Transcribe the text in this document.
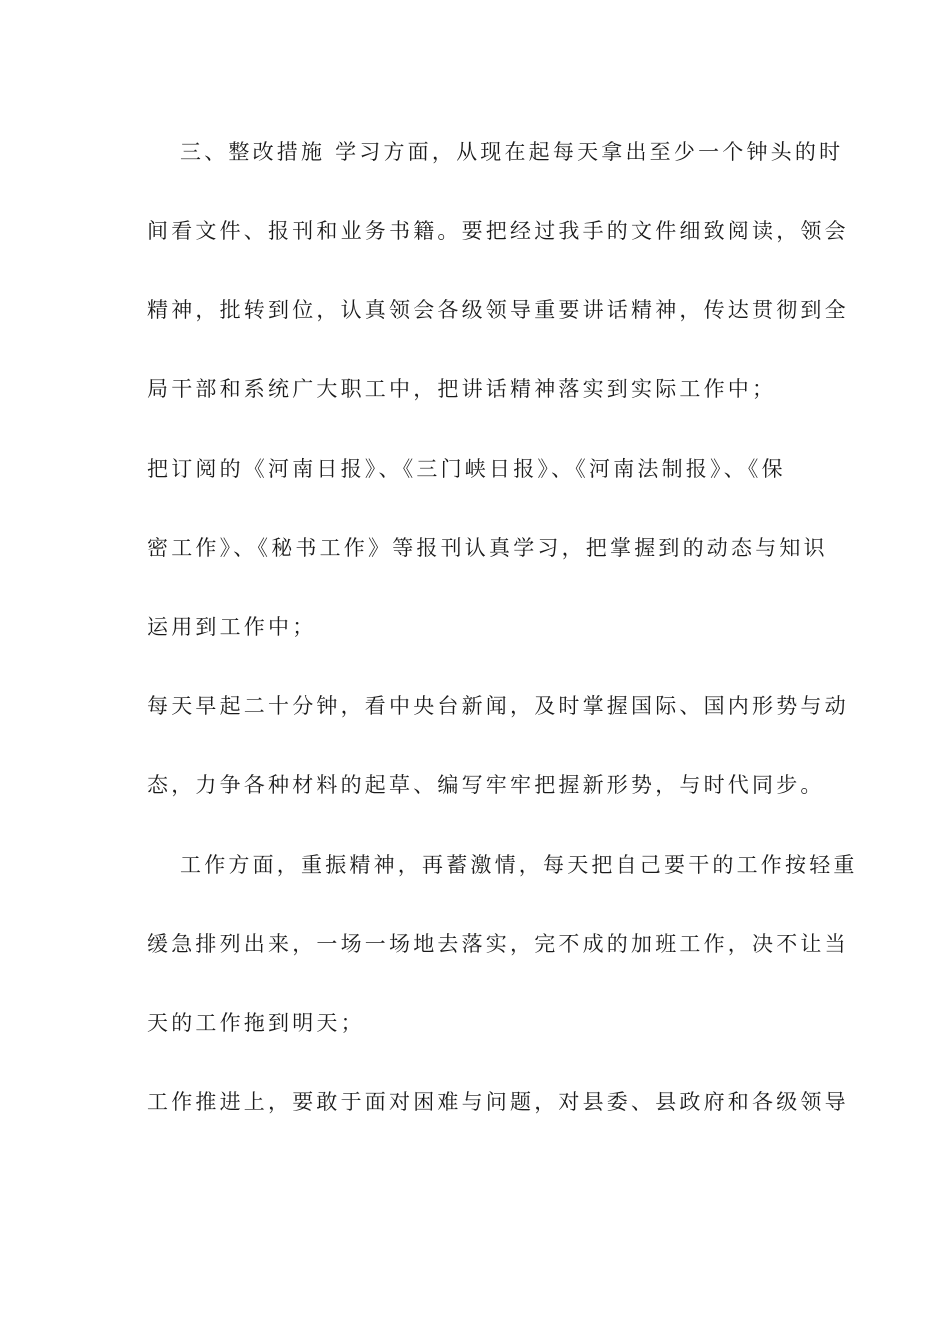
三、整改措施 学习方面，从现在起每天拿出至少一个钟头的时
间看文件、报刊和业务书籍。要把经过我手的文件细致阅读，领会
精神，批转到位，认真领会各级领导重要讲话精神，传达贯彻到全
局干部和系统广大职工中，把讲话精神落实到实际工作中；
把订阅的《河南日报》、《三门峡日报》、《河南法制报》、《保
密工作》、《秘书工作》等报刊认真学习，把掌握到的动态与知识
运用到工作中；
每天早起二十分钟，看中央台新闻，及时掌握国际、国内形势与动
态，力争各种材料的起草、编写牢牢把握新形势，与时代同步。
工作方面，重振精神，再蓄激情，每天把自己要干的工作按轻重
缓急排列出来，一场一场地去落实，完不成的加班工作，决不让当
天的工作拖到明天；
工作推进上，要敢于面对困难与问题，对县委、县政府和各级领导
